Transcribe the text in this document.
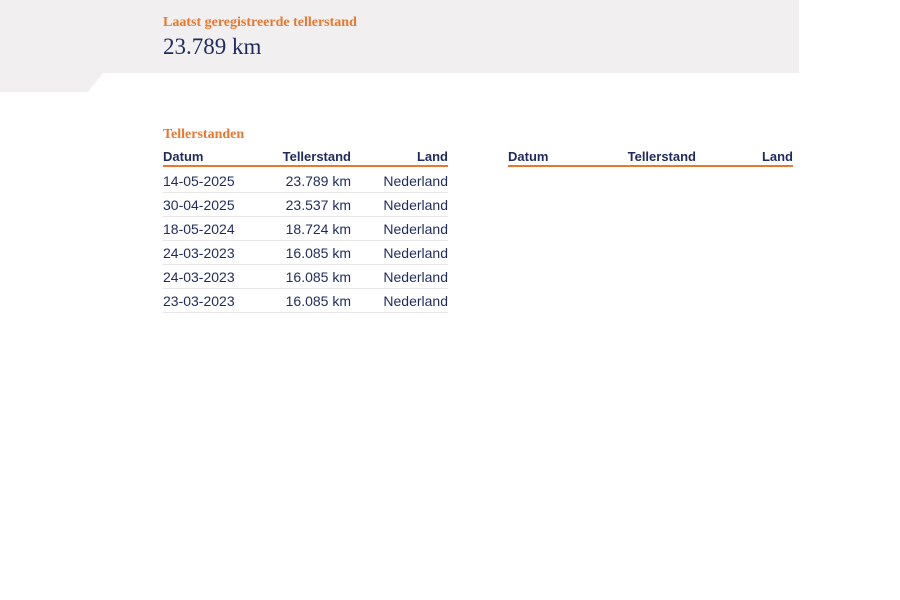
Laatst geregistreerde tellerstand
23.789 km
Tellerstanden
Datum	Tellerstand	Land
14-05-2025	23.789 km	Nederland
30-04-2025	23.537 km	Nederland
18-05-2024	18.724 km	Nederland
24-03-2023	16.085 km	Nederland
24-03-2023	16.085 km	Nederland
23-03-2023	16.085 km	Nederland
Datum	Tellerstand	Land
